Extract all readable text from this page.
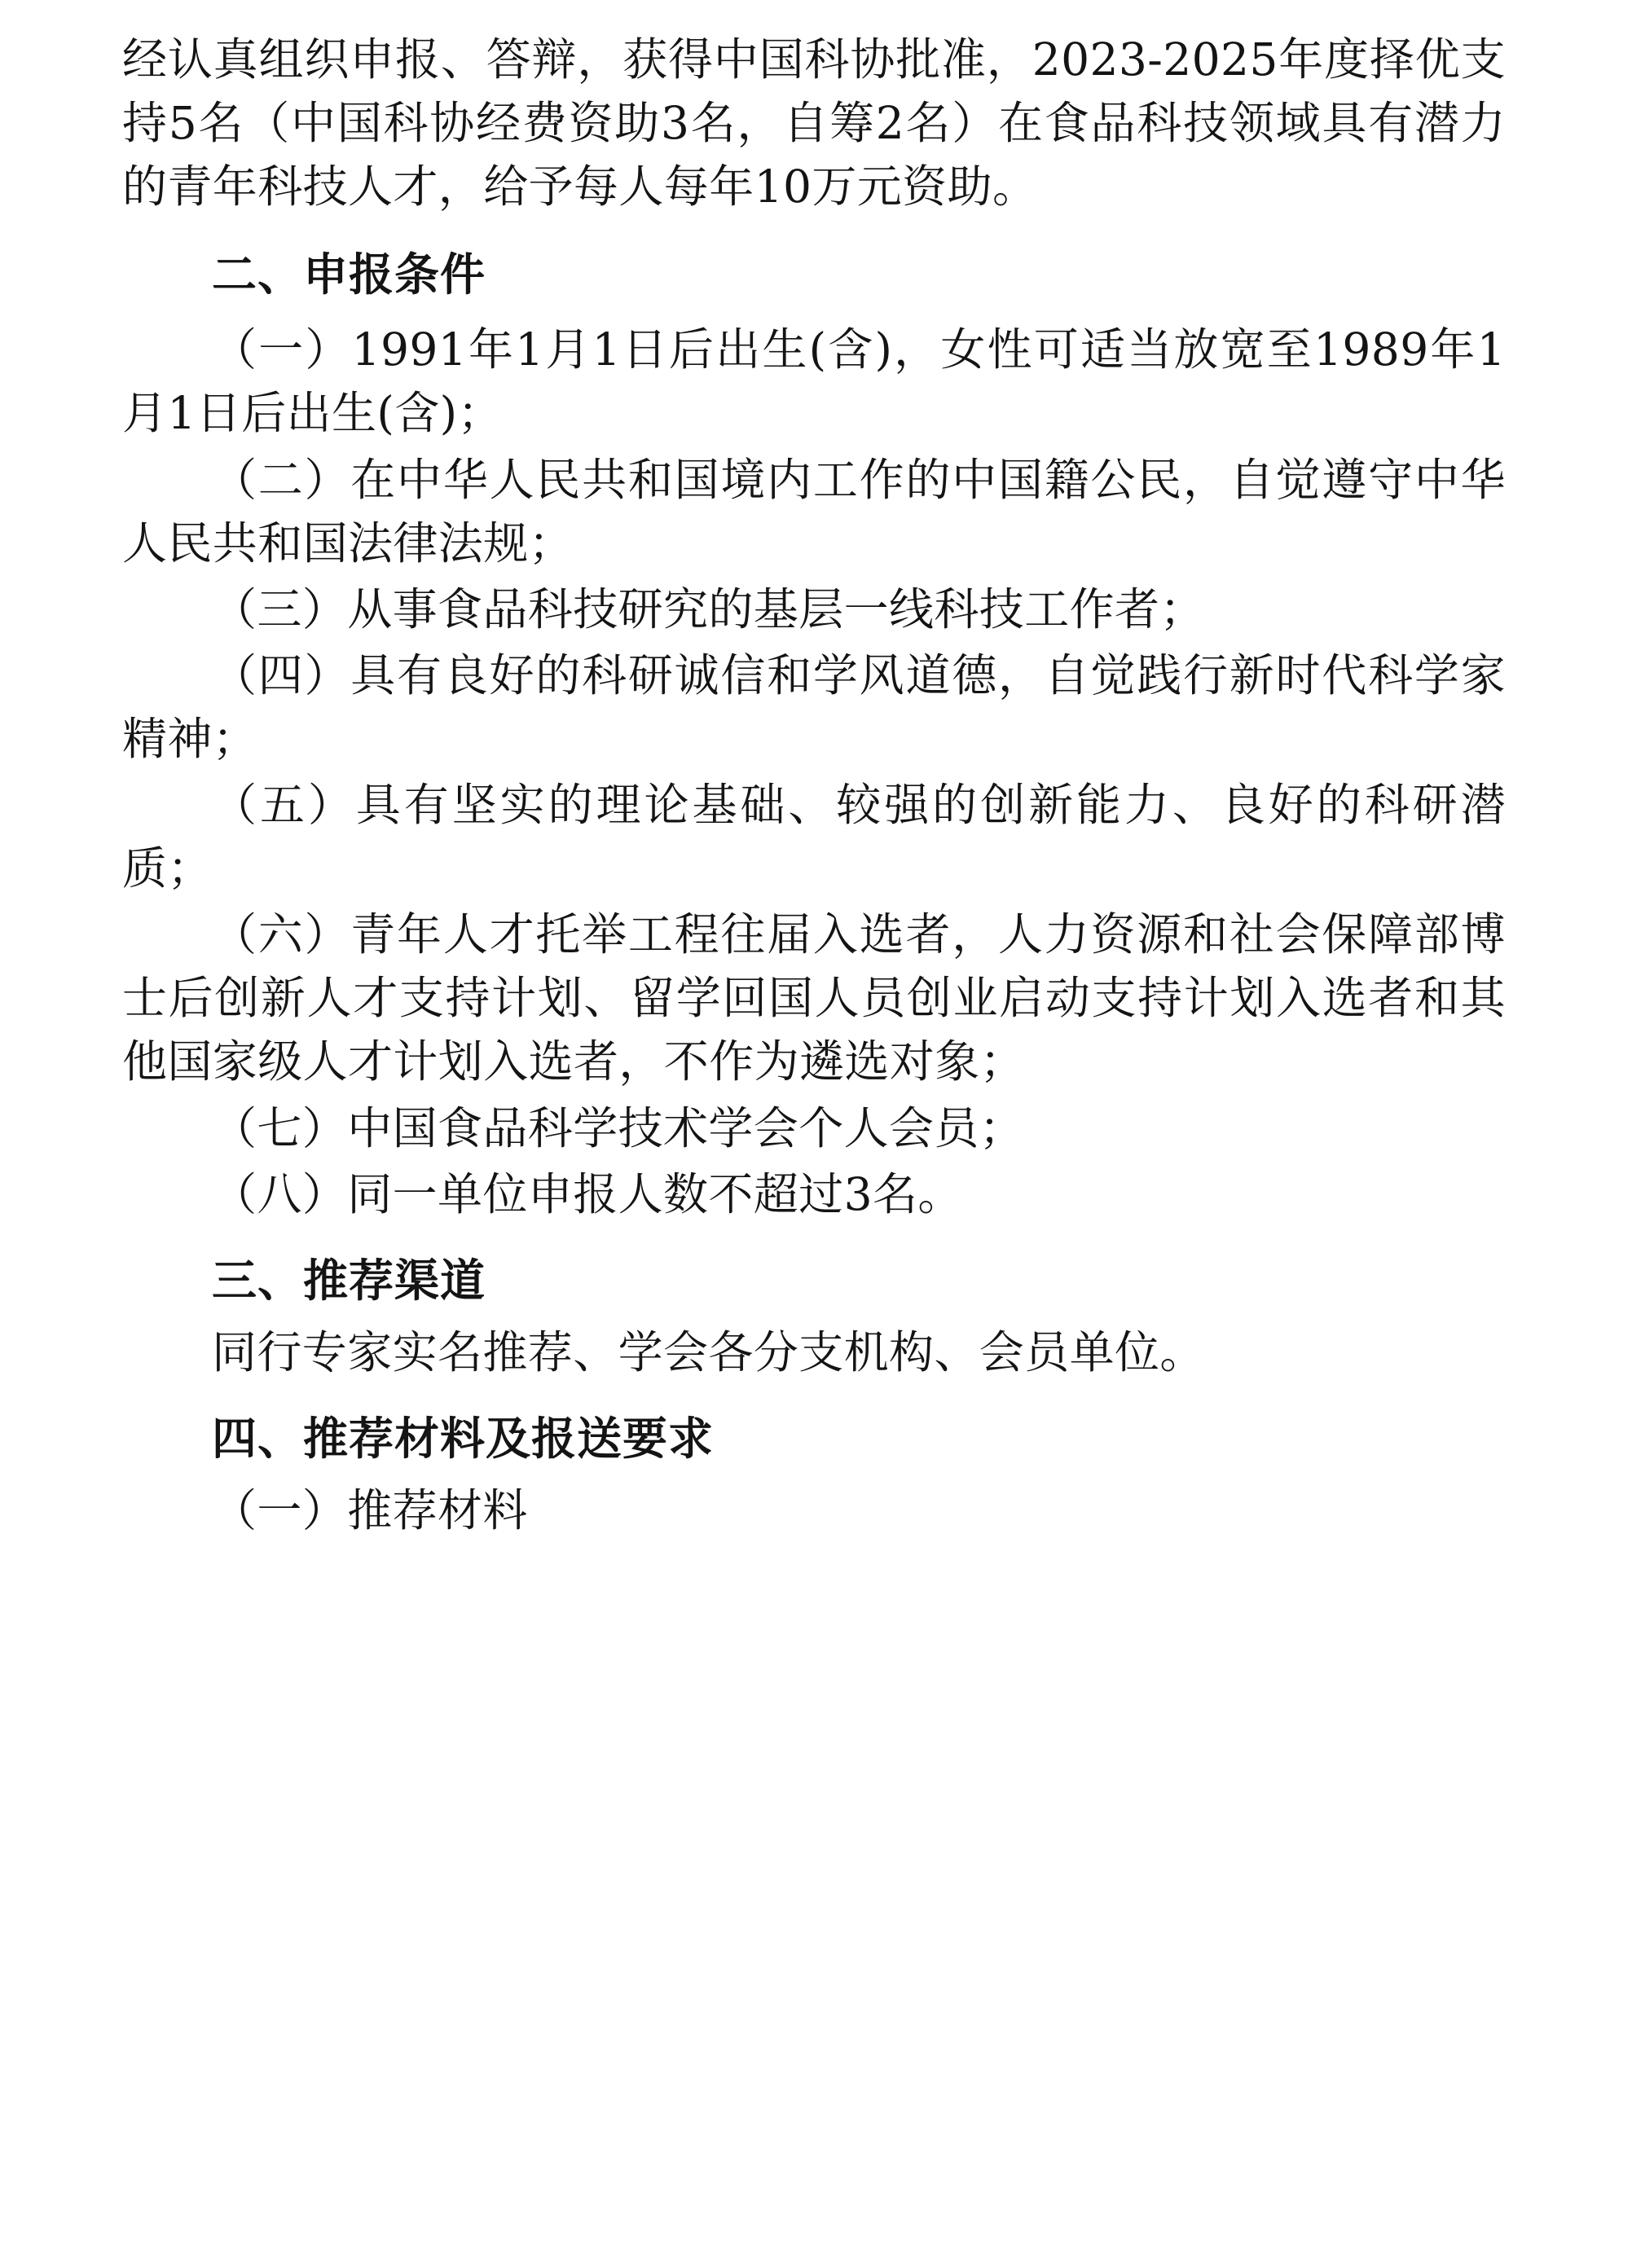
经认真组织申报、答辩，获得中国科协批准，2023-2025年度择优支持5名（中国科协经费资助3名，自筹2名）在食品科技领域具有潜力的青年科技人才，给予每人每年10万元资助。

二、申报条件

（一）1991年1月1日后出生(含)，女性可适当放宽至1989年1月1日后出生(含)；

（二）在中华人民共和国境内工作的中国籍公民，自觉遵守中华人民共和国法律法规；

（三）从事食品科技研究的基层一线科技工作者；

（四）具有良好的科研诚信和学风道德，自觉践行新时代科学家精神；

（五）具有坚实的理论基础、较强的创新能力、良好的科研潜质；

（六）青年人才托举工程往届入选者，人力资源和社会保障部博士后创新人才支持计划、留学回国人员创业启动支持计划入选者和其他国家级人才计划入选者，不作为遴选对象；

（七）中国食品科学技术学会个人会员；

（八）同一单位申报人数不超过3名。

三、推荐渠道

同行专家实名推荐、学会各分支机构、会员单位。

四、推荐材料及报送要求

（一）推荐材料
